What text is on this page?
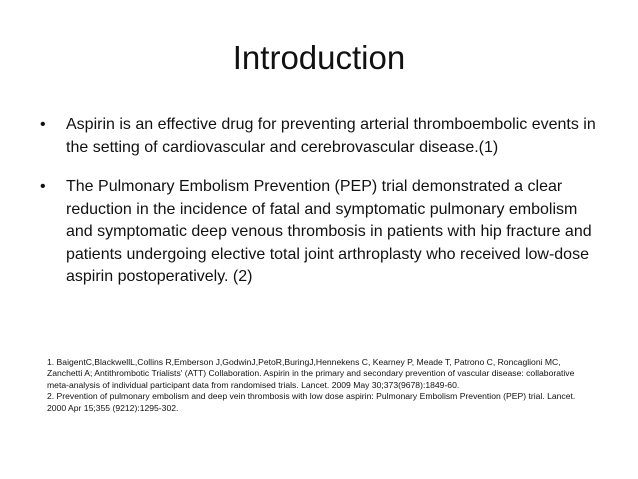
Introduction
•	Aspirin is an effective drug for preventing arterial thromboembolic events in the setting of cardiovascular and cerebrovascular disease.(1)
•	The Pulmonary Embolism Prevention (PEP) trial demonstrated a clear reduction in the incidence of fatal and symptomatic pulmonary embolism and symptomatic deep venous thrombosis in patients with hip fracture and patients undergoing elective total joint arthroplasty who received low-dose aspirin postoperatively. (2)

1. BaigentC,BlackwellL,Collins R,Emberson J,GodwinJ,PetoR,BuringJ,Hennekens C, Kearney P, Meade T, Patrono C, Roncaglioni MC, Zanchetti A; Antithrombotic Trialists' (ATT) Collaboration. Aspirin in the primary and secondary prevention of vascular disease: collaborative meta-analysis of individual participant data from randomised trials. Lancet. 2009 May 30;373(9678):1849-60.

2. Prevention of pulmonary embolism and deep vein thrombosis with low dose aspirin: Pulmonary Embolism Prevention (PEP) trial. Lancet. 2000 Apr 15;355 (9212):1295-302.
